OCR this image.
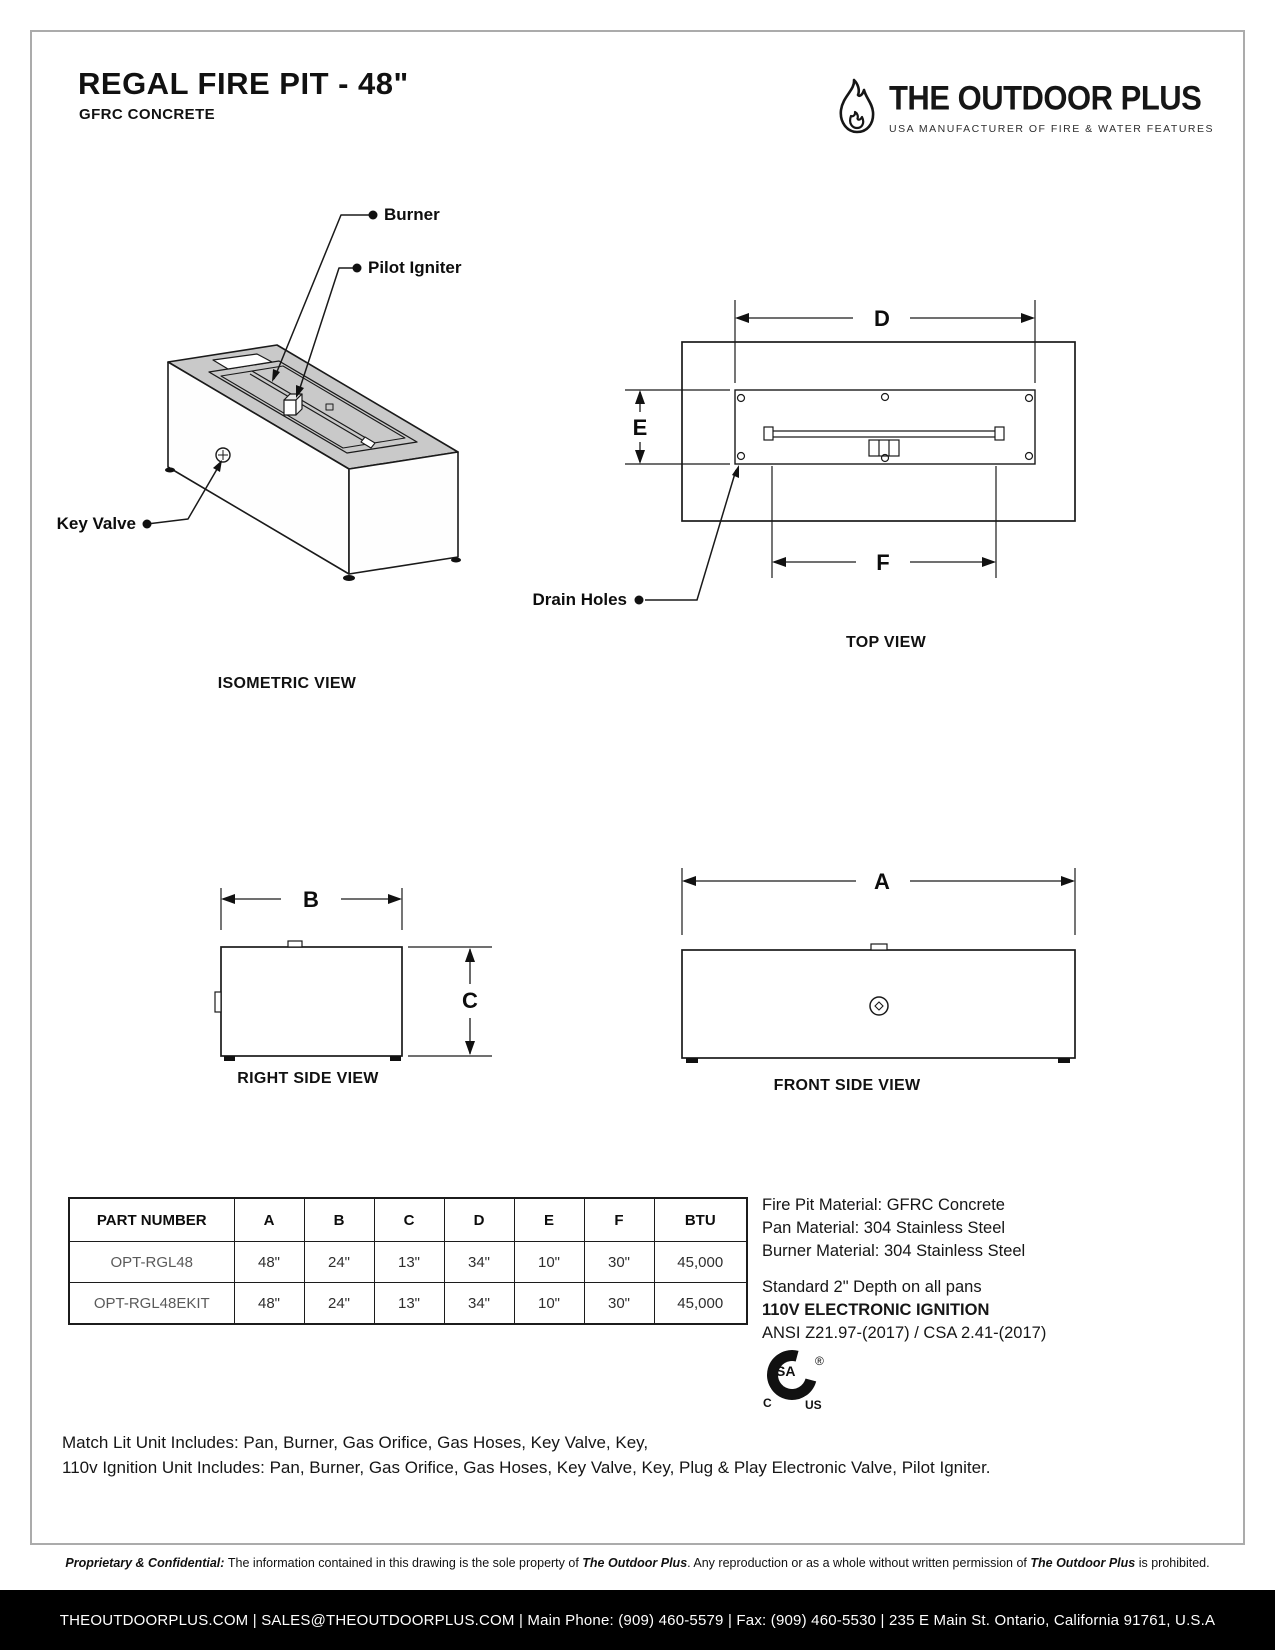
REGAL FIRE PIT - 48"
GFRC CONCRETE	THE OUTDOOR PLUS
USA MANUFACTURER OF FIRE & WATER FEATURES
D
E
F
B
C
A
Burner
Pilot Igniter
Key Valve
Drain Holes
ISOMETRIC VIEW
TOP VIEW
RIGHT SIDE VIEW	FRONT SIDE VIEW
PART NUMBER	A	B	C	D	E	F	BTU
OPT-RGL48	48"	24"	13"	34"	10"	30"	45,000
OPT-RGL48EKIT	48"	24"	13"	34"	10"	30"	45,000
Fire Pit Material: GFRC Concrete
Pan Material: 304 Stainless Steel
Burner Material: 304 Stainless Steel
Standard 2" Depth on all pans
110V ELECTRONIC IGNITION
ANSI Z21.97-(2017) / CSA 2.41-(2017)
SA
®
C	US
Match Lit Unit Includes: Pan, Burner, Gas Orifice, Gas Hoses, Key Valve, Key,
110v Ignition Unit Includes: Pan, Burner, Gas Orifice, Gas Hoses, Key Valve, Key, Plug & Play Electronic Valve, Pilot Igniter.
Proprietary & Confidential: The information contained in this drawing is the sole property of The Outdoor Plus. Any reproduction or as a whole without written permission of The Outdoor Plus is prohibited.
THEOUTDOORPLUS.COM | SALES@THEOUTDOORPLUS.COM | Main Phone: (909) 460-5579 | Fax: (909) 460-5530 | 235 E Main St. Ontario, California 91761, U.S.A
